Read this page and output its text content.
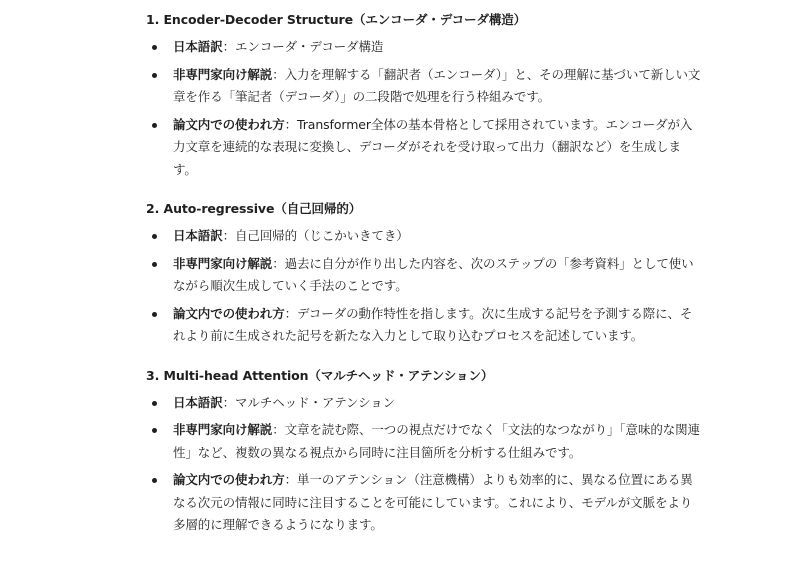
1. Encoder-Decoder Structure（エンコーダ・デコーダ構造）
日本語訳：エンコーダ・デコーダ構造
非専門家向け解説：入力を理解する「翻訳者（エンコーダ）」と、その理解に基づいて新しい文章を作る「筆記者（デコーダ）」の二段階で処理を行う枠組みです。
論文内での使われ方：Transformer全体の基本骨格として採用されています。エンコーダが入力文章を連続的な表現に変換し、デコーダがそれを受け取って出力（翻訳など）を生成します。
2. Auto-regressive（自己回帰的）
日本語訳：自己回帰的（じこかいきてき）
非専門家向け解説：過去に自分が作り出した内容を、次のステップの「参考資料」として使いながら順次生成していく手法のことです。
論文内での使われ方：デコーダの動作特性を指します。次に生成する記号を予測する際に、それより前に生成された記号を新たな入力として取り込むプロセスを記述しています。
3. Multi-head Attention（マルチヘッド・アテンション）
日本語訳：マルチヘッド・アテンション
非専門家向け解説：文章を読む際、一つの視点だけでなく「文法的なつながり」「意味的な関連性」など、複数の異なる視点から同時に注目箇所を分析する仕組みです。
論文内での使われ方：単一のアテンション（注意機構）よりも効率的に、異なる位置にある異なる次元の情報に同時に注目することを可能にしています。これにより、モデルが文脈をより多層的に理解できるようになります。
